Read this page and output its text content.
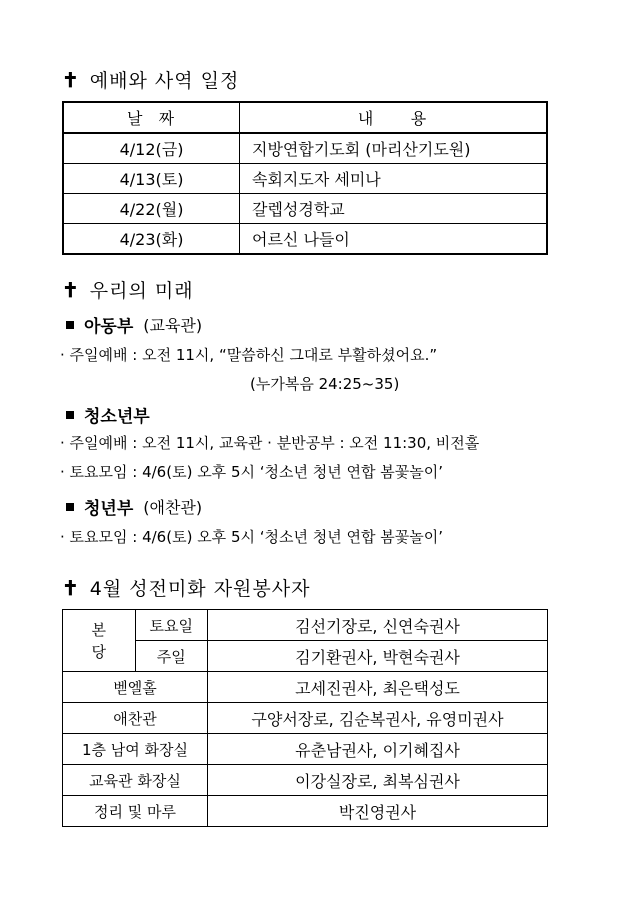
✝ 예배와 사역 일정
날  짜	내     용
4/12(금)	지방연합기도회 (마리산기도원)
4/13(토)	속회지도자 세미나
4/22(월)	갈렙성경학교
4/23(화)	어르신 나들이
✝ 우리의 미래
아동부 (교육관)
· 주일예배 : 오전 11시, “말씀하신 그대로 부활하셨어요.”
(누가복음 24:25~35)
청소년부
· 주일예배 : 오전 11시, 교육관 · 분반공부 : 오전 11:30, 비전홀
· 토요모임 : 4/6(토) 오후 5시 ‘청소년 청년 연합 봄꽃놀이’
청년부 (애찬관)
· 토요모임 : 4/6(토) 오후 5시 ‘청소년 청년 연합 봄꽃놀이’
✝ 4월 성전미화 자원봉사자
본
당	토요일	김선기장로, 신연숙권사
	주일	김기환권사, 박현숙권사
벧엘홀		고세진권사, 최은택성도
애찬관		구양서장로, 김순복권사, 유영미권사
1층 남여 화장실		유춘남권사, 이기혜집사
교육관 화장실		이강실장로, 최복심권사
정리 및 마루		박진영권사
